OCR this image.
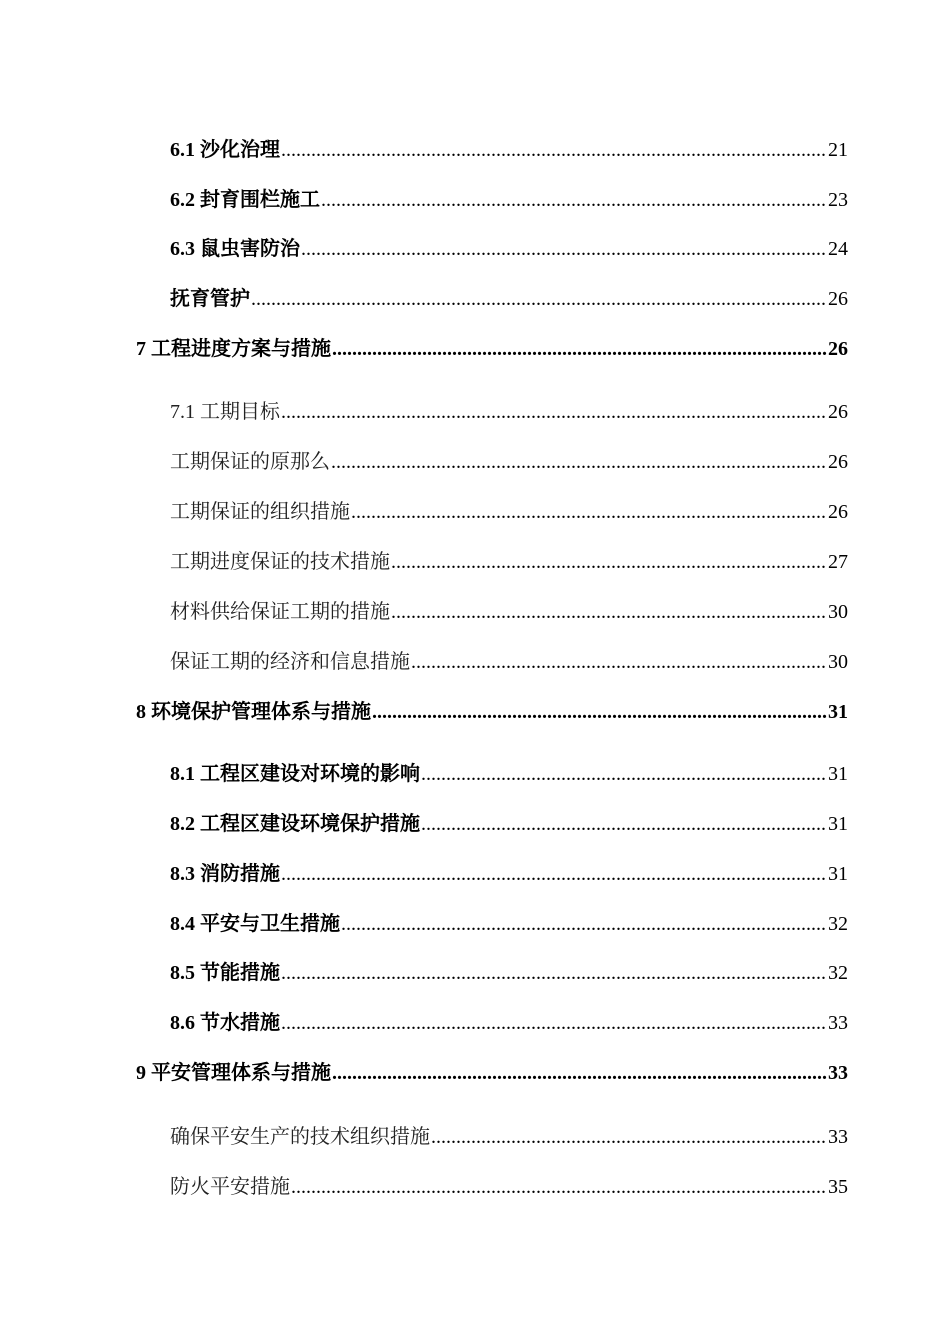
6.1 沙化治理 .....	21
6.2 封育围栏施工 .....	23
6.3 鼠虫害防治 .....	24
抚育管护 .....	26
7 工程进度方案与措施 .....	26
7.1 工期目标 .....	26
工期保证的原那么 .....	26
工期保证的组织措施 .....	26
工期进度保证的技术措施 .....	27
材料供给保证工期的措施 .....	30
保证工期的经济和信息措施 .....	30
8 环境保护管理体系与措施 .....	31
8.1 工程区建设对环境的影响 .....	31
8.2 工程区建设环境保护措施 .....	31
8.3 消防措施 .....	31
8.4 平安与卫生措施 .....	32
8.5 节能措施 .....	32
8.6 节水措施 .....	33
9 平安管理体系与措施 .....	33
确保平安生产的技术组织措施 .....	33
防火平安措施 .....	35
